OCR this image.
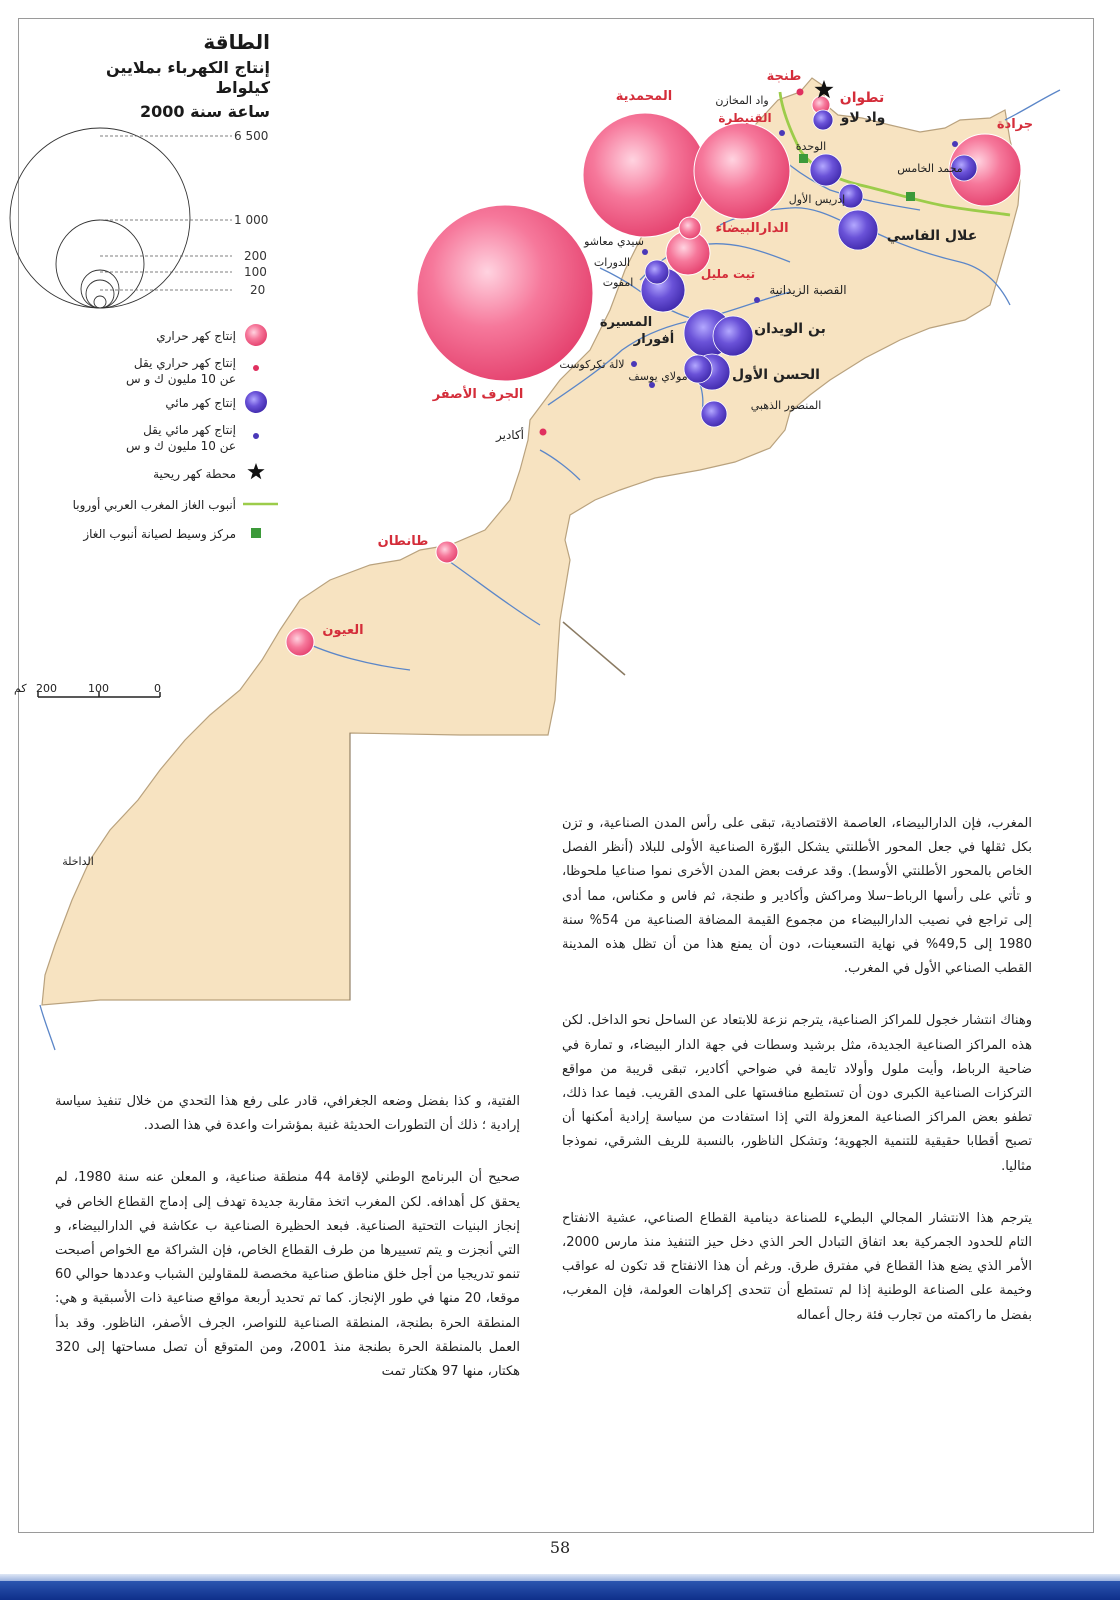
6 500
1 000
200
100
20
0
100
200
كم
طنجة
تطوان
المحمدية
القنيطرة
واد المخازن
واد لاو
الوحدة
جرادة
محمد الخامس
إدريس الأول
علال الفاسي
الدارالبيضاء
سيدي معاشو
الدورات
امفوت
تيت مليل
القصبة الزيدانية
بن الويدان
المسيرة
أفورار
لالة تكركوست
مولاي يوسف	الحسن الأول
الجرف الأصفر
المنصور الذهبي
أكادير
طانطان
العيون
الداخلة
الطاقة
إنتاج الكهرباء بملايين كيلواط
ساعة سنة 2000
إنتاج كهر حراري
إنتاج كهر حراري يقل
عن 10 مليون ك و س
إنتاج كهر مائي
إنتاج كهر مائي يقل
عن 10 مليون ك و س
محطة كهر ريحية
أنبوب الغاز المغرب العربي أوروبا
مركز وسيط لصيانة أنبوب الغاز

المغرب، فإن الدارالبيضاء، العاصمة الاقتصادية، تبقى على رأس المدن الصناعية، و تزن بكل ثقلها في جعل المحور الأطلنتي يشكل البوّرة الصناعية الأولى للبلاد (أنظر الفصل الخاص بالمحور الأطلنتي الأوسط). وقد عرفت بعض المدن الأخرى نموا صناعيا ملحوظا، و تأتي على رأسها الرباط–سلا ومراكش وأكادير و طنجة، ثم فاس و مكناس، مما أدى إلى تراجع في نصيب الدارالبيضاء من مجموع القيمة المضافة الصناعية من 54% سنة 1980 إلى 49,5% في نهاية التسعينات، دون أن يمنع هذا من أن تظل هذه المدينة القطب الصناعي الأول في المغرب.

وهناك انتشار خجول للمراكز الصناعية، يترجم نزعة للابتعاد عن الساحل نحو الداخل. لكن هذه المراكز الصناعية الجديدة، مثل برشيد وسطات في جهة الدار البيضاء، و تمارة في ضاحية الرباط، وأيت ملول وأولاد تايمة في ضواحي أكادير، تبقى قريبة من مواقع التركزات الصناعية الكبرى دون أن تستطيع منافستها على المدى القريب. فيما عدا ذلك، تطفو بعض المراكز الصناعية المعزولة التي إذا استفادت من سياسة إرادية أمكنها أن تصبح أقطابا حقيقية للتنمية الجهوية؛ وتشكل الناظور، بالنسبة للريف الشرقي، نموذجا مثاليا.

يترجم هذا الانتشار المجالي البطيء للصناعة دينامية القطاع الصناعي، عشية الانفتاح التام للحدود الجمركية بعد اتفاق التبادل الحر الذي دخل حيز التنفيذ منذ مارس 2000، الأمر الذي يضع هذا القطاع في مفترق طرق. ورغم أن هذا الانفتاح قد تكون له عواقب وخيمة على الصناعة الوطنية إذا لم تستطع أن تتحدى إكراهات العولمة، فإن المغرب، بفضل ما راكمته من تجارب فئة رجال أعماله

الفتية، و كذا بفضل وضعه الجغرافي، قادر على رفع هذا التحدي من خلال تنفيذ سياسة إرادية ؛ ذلك أن التطورات الحديثة غنية بمؤشرات واعدة في هذا الصدد.

صحيح أن البرنامج الوطني لإقامة 44 منطقة صناعية، و المعلن عنه سنة 1980، لم يحقق كل أهدافه. لكن المغرب اتخذ مقاربة جديدة تهدف إلى إدماج القطاع الخاص في إنجاز البنيات التحتية الصناعية. فبعد الحظيرة الصناعية ب عكاشة في الدارالبيضاء، و التي أنجزت و يتم تسييرها من طرف القطاع الخاص، فإن الشراكة مع الخواص أصبحت تنمو تدريجيا من أجل خلق مناطق صناعية مخصصة للمقاولين الشباب وعددها حوالي 60 موقعا، 20 منها في طور الإنجاز. كما تم تحديد أربعة مواقع صناعية ذات الأسبقية و هي: المنطقة الحرة بطنجة، المنطقة الصناعية للنواصر، الجرف الأصفر، الناظور. وقد بدأ العمل بالمنطقة الحرة بطنجة منذ 2001، ومن المتوقع أن تصل مساحتها إلى 320 هكتار، منها 97 هكتار تمت

58
